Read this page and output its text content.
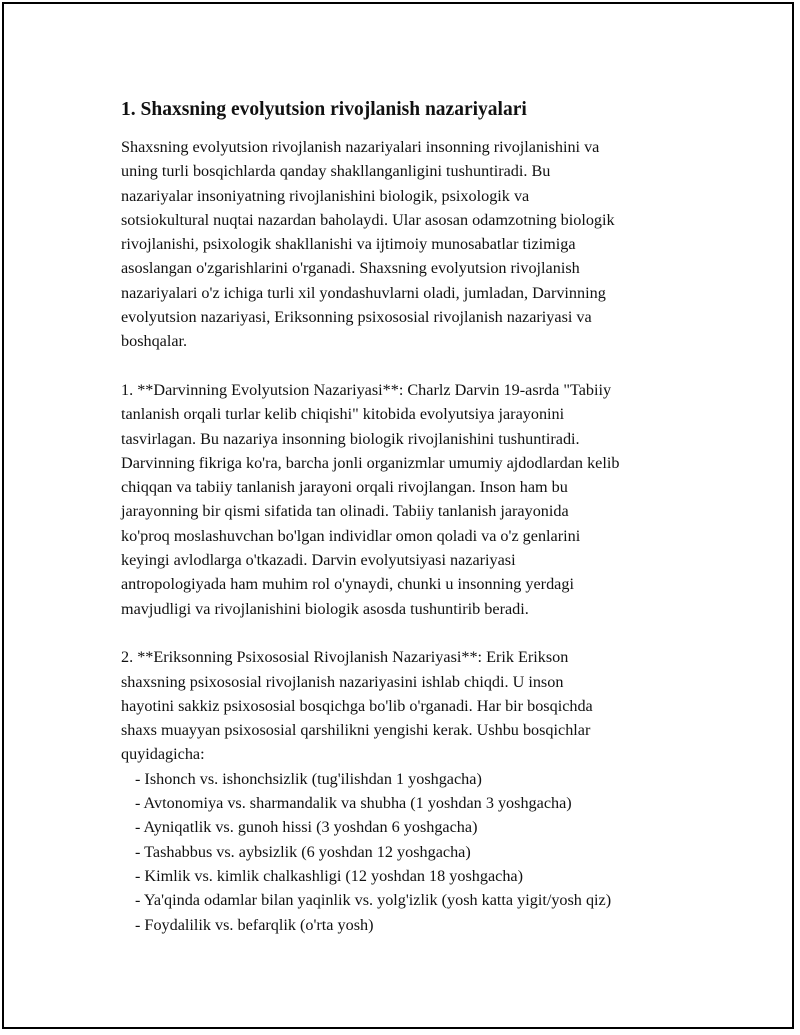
1. Shaxsning evolyutsion rivojlanish nazariyalari

Shaxsning evolyutsion rivojlanish nazariyalari insonning rivojlanishini va
uning turli bosqichlarda qanday shakllanganligini tushuntiradi. Bu
nazariyalar insoniyatning rivojlanishini biologik, psixologik va
sotsiokultural nuqtai nazardan baholaydi. Ular asosan odamzotning biologik
rivojlanishi, psixologik shakllanishi va ijtimoiy munosabatlar tizimiga
asoslangan o'zgarishlarini o'rganadi. Shaxsning evolyutsion rivojlanish
nazariyalari o'z ichiga turli xil yondashuvlarni oladi, jumladan, Darvinning
evolyutsion nazariyasi, Eriksonning psixososial rivojlanish nazariyasi va
boshqalar.

1. **Darvinning Evolyutsion Nazariyasi**: Charlz Darvin 19-asrda "Tabiiy
tanlanish orqali turlar kelib chiqishi" kitobida evolyutsiya jarayonini
tasvirlagan. Bu nazariya insonning biologik rivojlanishini tushuntiradi.
Darvinning fikriga ko'ra, barcha jonli organizmlar umumiy ajdodlardan kelib
chiqqan va tabiiy tanlanish jarayoni orqali rivojlangan. Inson ham bu
jarayonning bir qismi sifatida tan olinadi. Tabiiy tanlanish jarayonida
ko'proq moslashuvchan bo'lgan individlar omon qoladi va o'z genlarini
keyingi avlodlarga o'tkazadi. Darvin evolyutsiyasi nazariyasi
antropologiyada ham muhim rol o'ynaydi, chunki u insonning yerdagi
mavjudligi va rivojlanishini biologik asosda tushuntirib beradi.

2. **Eriksonning Psixososial Rivojlanish Nazariyasi**: Erik Erikson
shaxsning psixososial rivojlanish nazariyasini ishlab chiqdi. U inson
hayotini sakkiz psixososial bosqichga bo'lib o'rganadi. Har bir bosqichda
shaxs muayyan psixososial qarshilikni yengishi kerak. Ushbu bosqichlar
quyidagicha:

- Ishonch vs. ishonchsizlik (tug'ilishdan 1 yoshgacha)
- Avtonomiya vs. sharmandalik va shubha (1 yoshdan 3 yoshgacha)
- Ayniqatlik vs. gunoh hissi (3 yoshdan 6 yoshgacha)
- Tashabbus vs. aybsizlik (6 yoshdan 12 yoshgacha)
- Kimlik vs. kimlik chalkashligi (12 yoshdan 18 yoshgacha)
- Ya'qinda odamlar bilan yaqinlik vs. yolg'izlik (yosh katta yigit/yosh qiz)
- Foydalilik vs. befarqlik (o'rta yosh)
